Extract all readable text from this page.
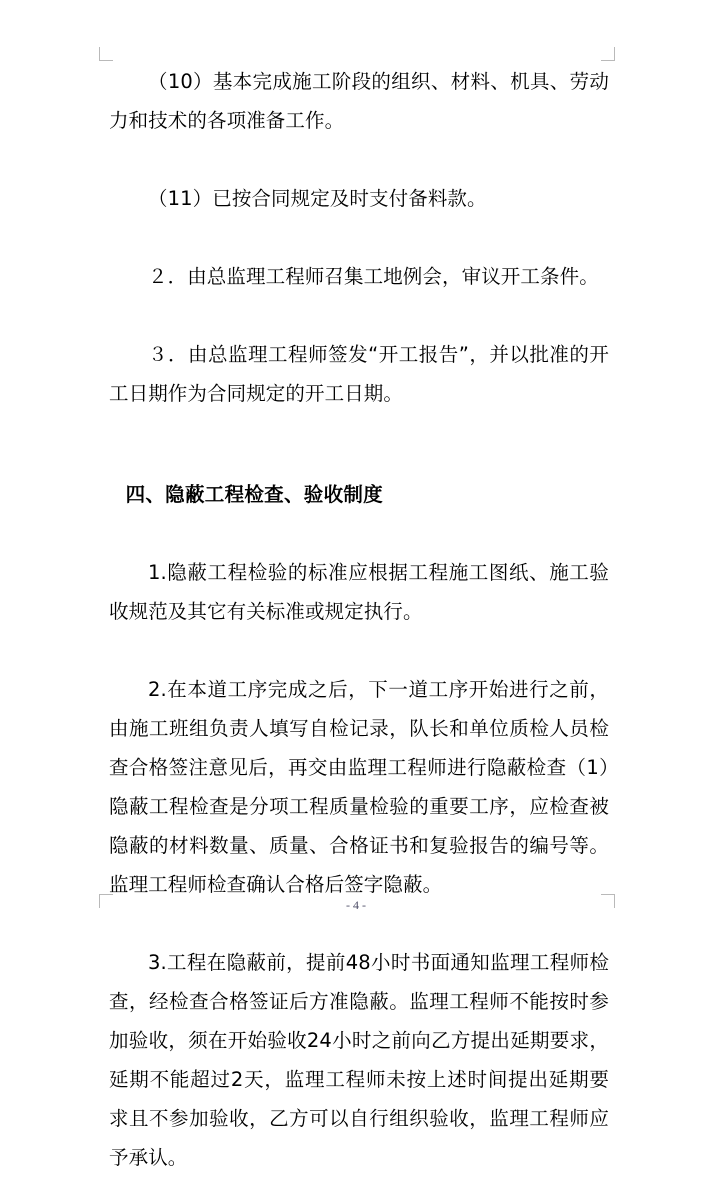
（10）基本完成施工阶段的组织、材料、机具、劳动力和技术的各项准备工作。

（11）已按合同规定及时支付备料款。

２．由总监理工程师召集工地例会，审议开工条件。

３．由总监理工程师签发“开工报告”，并以批准的开工日期作为合同规定的开工日期。

四、隐蔽工程检查、验收制度

1.隐蔽工程检验的标准应根据工程施工图纸、施工验收规范及其它有关标准或规定执行。

2.在本道工序完成之后，下一道工序开始进行之前，由施工班组负责人填写自检记录，队长和单位质检人员检查合格签注意见后，再交由监理工程师进行隐蔽检查（1）隐蔽工程检查是分项工程质量检验的重要工序，应检查被隐蔽的材料数量、质量、合格证书和复验报告的编号等。监理工程师检查确认合格后签字隐蔽。

3.工程在隐蔽前，提前48小时书面通知监理工程师检查，经检查合格签证后方准隐蔽。监理工程师不能按时参加验收，须在开始验收24小时之前向乙方提出延期要求，延期不能超过2天，监理工程师未按上述时间提出延期要求且不参加验收，乙方可以自行组织验收，监理工程师应予承认。

- 4 -
